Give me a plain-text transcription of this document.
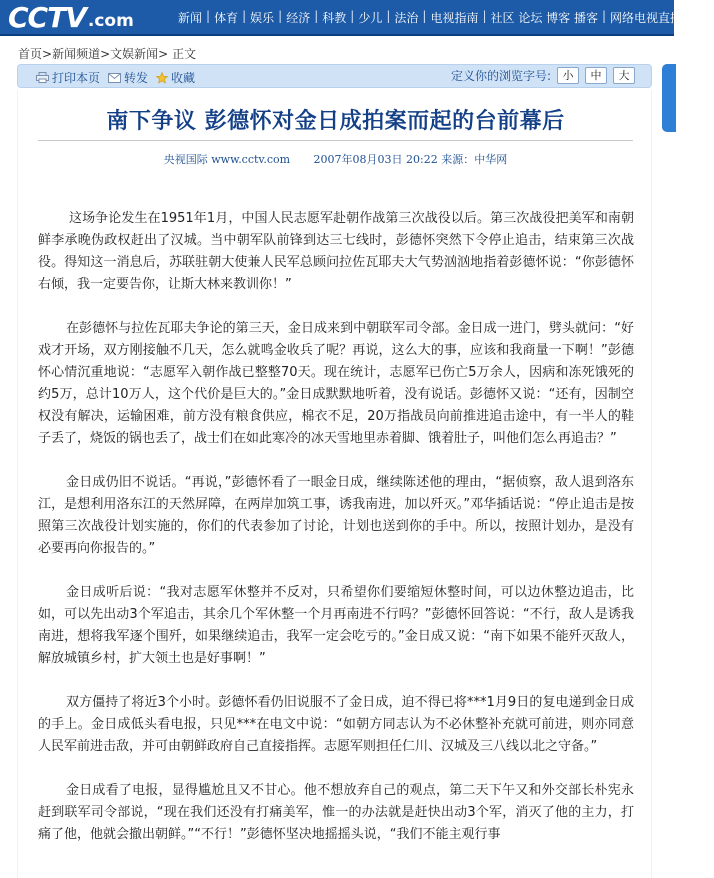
CCTV .com	新闻 | 体育 | 娱乐 | 经济 | 科教 | 少儿 | 法治 | 电视指南 | 社区 论坛 博客 播客 | 网络电视直播 点播
首页>新闻频道>文娱新闻> 正文
打印本页 转发 收藏	定义你的浏览字号:	小	中	大
南下争议 彭德怀对金日成拍案而起的台前幕后
央视国际 www.cctv.com 2007年08月03日 20:22 来源：中华网

这场争论发生在1951年1月，中国人民志愿军赴朝作战第三次战役以后。第三次战役把美军和南朝鲜李承晚伪政权赶出了汉城。当中朝军队前锋到达三七线时，彭德怀突然下令停止追击，结束第三次战役。得知这一消息后，苏联驻朝大使兼人民军总顾问拉佐瓦耶夫大气势汹汹地指着彭德怀说：“你彭德怀右倾，我一定要告你，让斯大林来教训你！”

在彭德怀与拉佐瓦耶夫争论的第三天，金日成来到中朝联军司令部。金日成一进门，劈头就问：“好戏才开场，双方刚接触不几天，怎么就鸣金收兵了呢？再说，这么大的事，应该和我商量一下啊！”彭德怀心情沉重地说：“志愿军入朝作战已整整70天。现在统计，志愿军已伤亡5万余人，因病和冻死饿死的约5万，总计10万人，这个代价是巨大的。”金日成默默地听着，没有说话。彭德怀又说：“还有，因制空权没有解决，运输困难，前方没有粮食供应，棉衣不足，20万指战员向前推进追击途中，有一半人的鞋子丢了，烧饭的锅也丢了，战士们在如此寒冷的冰天雪地里赤着脚、饿着肚子，叫他们怎么再追击？”

金日成仍旧不说话。“再说，”彭德怀看了一眼金日成，继续陈述他的理由，“据侦察，敌人退到洛东江，是想利用洛东江的天然屏障，在两岸加筑工事，诱我南进，加以歼灭。”邓华插话说：“停止追击是按照第三次战役计划实施的，你们的代表参加了讨论，计划也送到你的手中。所以，按照计划办，是没有必要再向你报告的。”

金日成听后说：“我对志愿军休整并不反对，只希望你们要缩短休整时间，可以边休整边追击，比如，可以先出动3个军追击，其余几个军休整一个月再南进不行吗？”彭德怀回答说：“不行，敌人是诱我南进，想将我军逐个围歼，如果继续追击，我军一定会吃亏的。”金日成又说：“南下如果不能歼灭敌人，解放城镇乡村，扩大领土也是好事啊！”

双方僵持了将近3个小时。彭德怀看仍旧说服不了金日成，迫不得已将***1月9日的复电递到金日成的手上。金日成低头看电报，只见***在电文中说：“如朝方同志认为不必休整补充就可前进，则亦同意人民军前进击敌，并可由朝鲜政府自己直接指挥。志愿军则担任仁川、汉城及三八线以北之守备。”

金日成看了电报，显得尴尬且又不甘心。他不想放弃自己的观点，第二天下午又和外交部长朴宪永赶到联军司令部说，“现在我们还没有打痛美军，惟一的办法就是赶快出动3个军，消灭了他的主力，打痛了他，他就会撤出朝鲜。”“不行！”彭德怀坚决地摇摇头说，“我们不能主观行事
